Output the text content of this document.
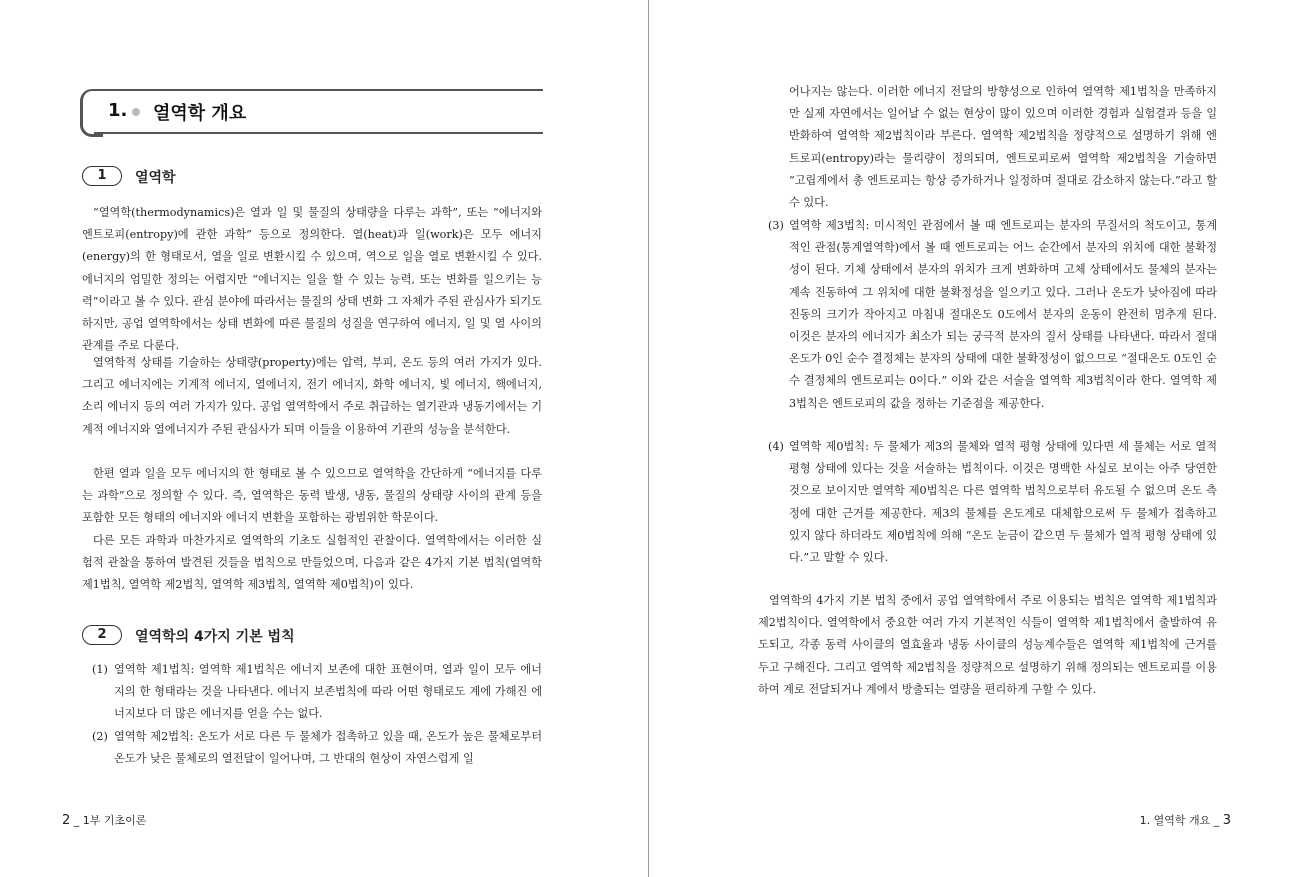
1. 열역학 개요
1	열역학

“열역학(thermodynamics)은 열과 일 및 물질의 상태량을 다루는 과학”, 또는 “에너지와 엔트로피(entropy)에 관한 과학” 등으로 정의한다. 열(heat)과 일(work)은 모두 에너지(energy)의 한 형태로서, 열을 일로 변환시킬 수 있으며, 역으로 일을 열로 변환시킬 수 있다. 에너지의 엄밀한 정의는 어렵지만 “에너지는 일을 할 수 있는 능력, 또는 변화를 일으키는 능력”이라고 볼 수 있다. 관심 분야에 따라서는 물질의 상태 변화 그 자체가 주된 관심사가 되기도 하지만, 공업 열역학에서는 상태 변화에 따른 물질의 성질을 연구하여 에너지, 일 및 열 사이의 관계를 주로 다룬다.

열역학적 상태를 기술하는 상태량(property)에는 압력, 부피, 온도 등의 여러 가지가 있다. 그리고 에너지에는 기계적 에너지, 열에너지, 전기 에너지, 화학 에너지, 빛 에너지, 핵에너지, 소리 에너지 등의 여러 가지가 있다. 공업 열역학에서 주로 취급하는 열기관과 냉동기에서는 기계적 에너지와 열에너지가 주된 관심사가 되며 이들을 이용하여 기관의 성능을 분석한다.

한편 열과 일을 모두 에너지의 한 형태로 볼 수 있으므로 열역학을 간단하게 “에너지를 다루는 과학”으로 정의할 수 있다. 즉, 열역학은 동력 발생, 냉동, 물질의 상태량 사이의 관계 등을 포함한 모든 형태의 에너지와 에너지 변환을 포함하는 광범위한 학문이다.

다른 모든 과학과 마찬가지로 열역학의 기초도 실험적인 관찰이다. 열역학에서는 이러한 실험적 관찰을 통하여 발견된 것들을 법칙으로 만들었으며, 다음과 같은 4가지 기본 법칙(열역학 제1법칙, 열역학 제2법칙, 열역학 제3법칙, 열역학 제0법칙)이 있다.

2	열역학의 4가지 기본 법칙
(1) 열역학 제1법칙: 열역학 제1법칙은 에너지 보존에 대한 표현이며, 열과 일이 모두 에너지의 한 형태라는 것을 나타낸다. 에너지 보존법칙에 따라 어떤 형태로도 계에 가해진 에너지보다 더 많은 에너지를 얻을 수는 없다.

(2) 열역학 제2법칙: 온도가 서로 다른 두 물체가 접촉하고 있을 때, 온도가 높은 물체로부터 온도가 낮은 물체로의 열전달이 일어나며, 그 반대의 현상이 자연스럽게 일

2 _ 1부 기초이론

어나지는 않는다. 이러한 에너지 전달의 방향성으로 인하여 열역학 제1법칙을 만족하지만 실제 자연에서는 일어날 수 없는 현상이 많이 있으며 이러한 경험과 실험결과 등을 일반화하여 열역학 제2법칙이라 부른다. 열역학 제2법칙을 정량적으로 설명하기 위해 엔트로피(entropy)라는 물리량이 정의되며, 엔트로피로써 열역학 제2법칙을 기술하면 “고립계에서 총 엔트로피는 항상 증가하거나 일정하며 절대로 감소하지 않는다.”라고 할 수 있다.

(3) 열역학 제3법칙: 미시적인 관점에서 볼 때 엔트로피는 분자의 무질서의 척도이고, 통계적인 관점(통계열역학)에서 볼 때 엔트로피는 어느 순간에서 분자의 위치에 대한 불확정성이 된다. 기체 상태에서 분자의 위치가 크게 변화하며 고체 상태에서도 물체의 분자는 계속 진동하여 그 위치에 대한 불확정성을 일으키고 있다. 그러나 온도가 낮아짐에 따라 진동의 크기가 작아지고 마침내 절대온도 0도에서 분자의 운동이 완전히 멈추게 된다. 이것은 분자의 에너지가 최소가 되는 궁극적 분자의 질서 상태를 나타낸다. 따라서 절대온도가 0인 순수 결정체는 분자의 상태에 대한 불확정성이 없으므로 “절대온도 0도인 순수 결정체의 엔트로피는 0이다.” 이와 같은 서술을 열역학 제3법칙이라 한다. 열역학 제3법칙은 엔트로피의 값을 정하는 기준점을 제공한다.

(4) 열역학 제0법칙: 두 물체가 제3의 물체와 열적 평형 상태에 있다면 세 물체는 서로 열적 평형 상태에 있다는 것을 서술하는 법칙이다. 이것은 명백한 사실로 보이는 아주 당연한 것으로 보이지만 열역학 제0법칙은 다른 열역학 법칙으로부터 유도될 수 없으며 온도 측정에 대한 근거를 제공한다. 제3의 물체를 온도계로 대체함으로써 두 물체가 접촉하고 있지 않다 하더라도 제0법칙에 의해 “온도 눈금이 같으면 두 물체가 열적 평형 상태에 있다.”고 말할 수 있다.

열역학의 4가지 기본 법칙 중에서 공업 열역학에서 주로 이용되는 법칙은 열역학 제1법칙과 제2법칙이다. 열역학에서 중요한 여러 가지 기본적인 식들이 열역학 제1법칙에서 출발하여 유도되고, 각종 동력 사이클의 열효율과 냉동 사이클의 성능계수들은 열역학 제1법칙에 근거를 두고 구해진다. 그리고 열역학 제2법칙을 정량적으로 설명하기 위해 정의되는 엔트로피를 이용하여 계로 전달되거나 계에서 방출되는 열량을 편리하게 구할 수 있다.

1. 열역학 개요 _ 3
